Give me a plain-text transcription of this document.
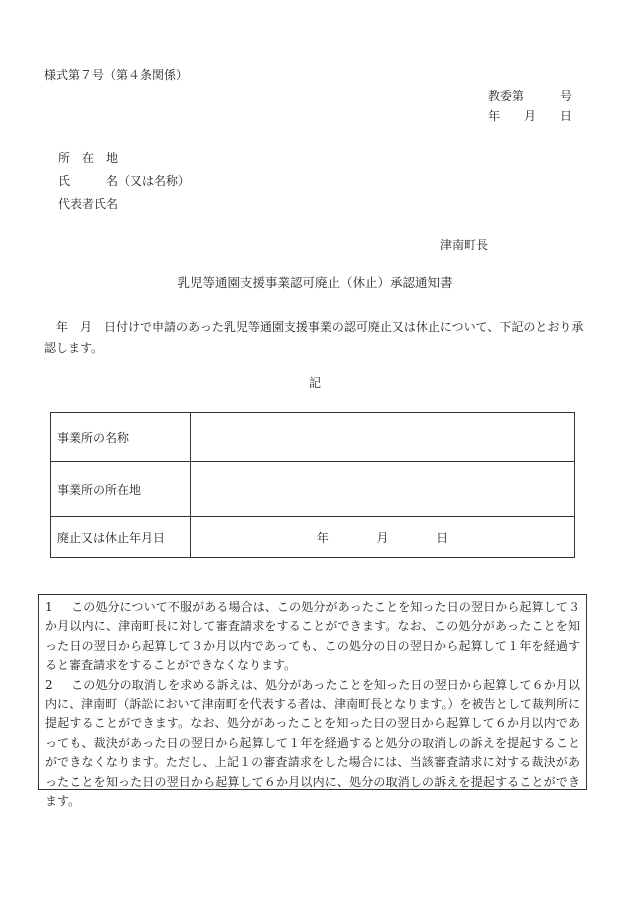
様式第７号（第４条関係）
教委第　　　号
年　　月　　日
所　在　地
氏　　　名（又は名称）
代表者氏名
津南町長
乳児等通園支援事業認可廃止（休止）承認通知書
年　月　日付けで申請のあった乳児等通園支援事業の認可廃止又は休止について、下記のとおり承認します。
記
事業所の名称	
事業所の所在地	
廃止又は休止年月日	年 月 日

1 この処分について不服がある場合は、この処分があったことを知った日の翌日から起算して３か月以内に、津南町長に対して審査請求をすることができます。なお、この処分があったことを知った日の翌日から起算して３か月以内であっても、この処分の日の翌日から起算して１年を経過すると審査請求をすることができなくなります。

2 この処分の取消しを求める訴えは、処分があったことを知った日の翌日から起算して６か月以内に、津南町（訴訟において津南町を代表する者は、津南町長となります。）を被告として裁判所に提起することができます。なお、処分があったことを知った日の翌日から起算して６か月以内であっても、裁決があった日の翌日から起算して１年を経過すると処分の取消しの訴えを提起することができなくなります。ただし、上記１の審査請求をした場合には、当該審査請求に対する裁決があったことを知った日の翌日から起算して６か月以内に、処分の取消しの訴えを提起することができます。
